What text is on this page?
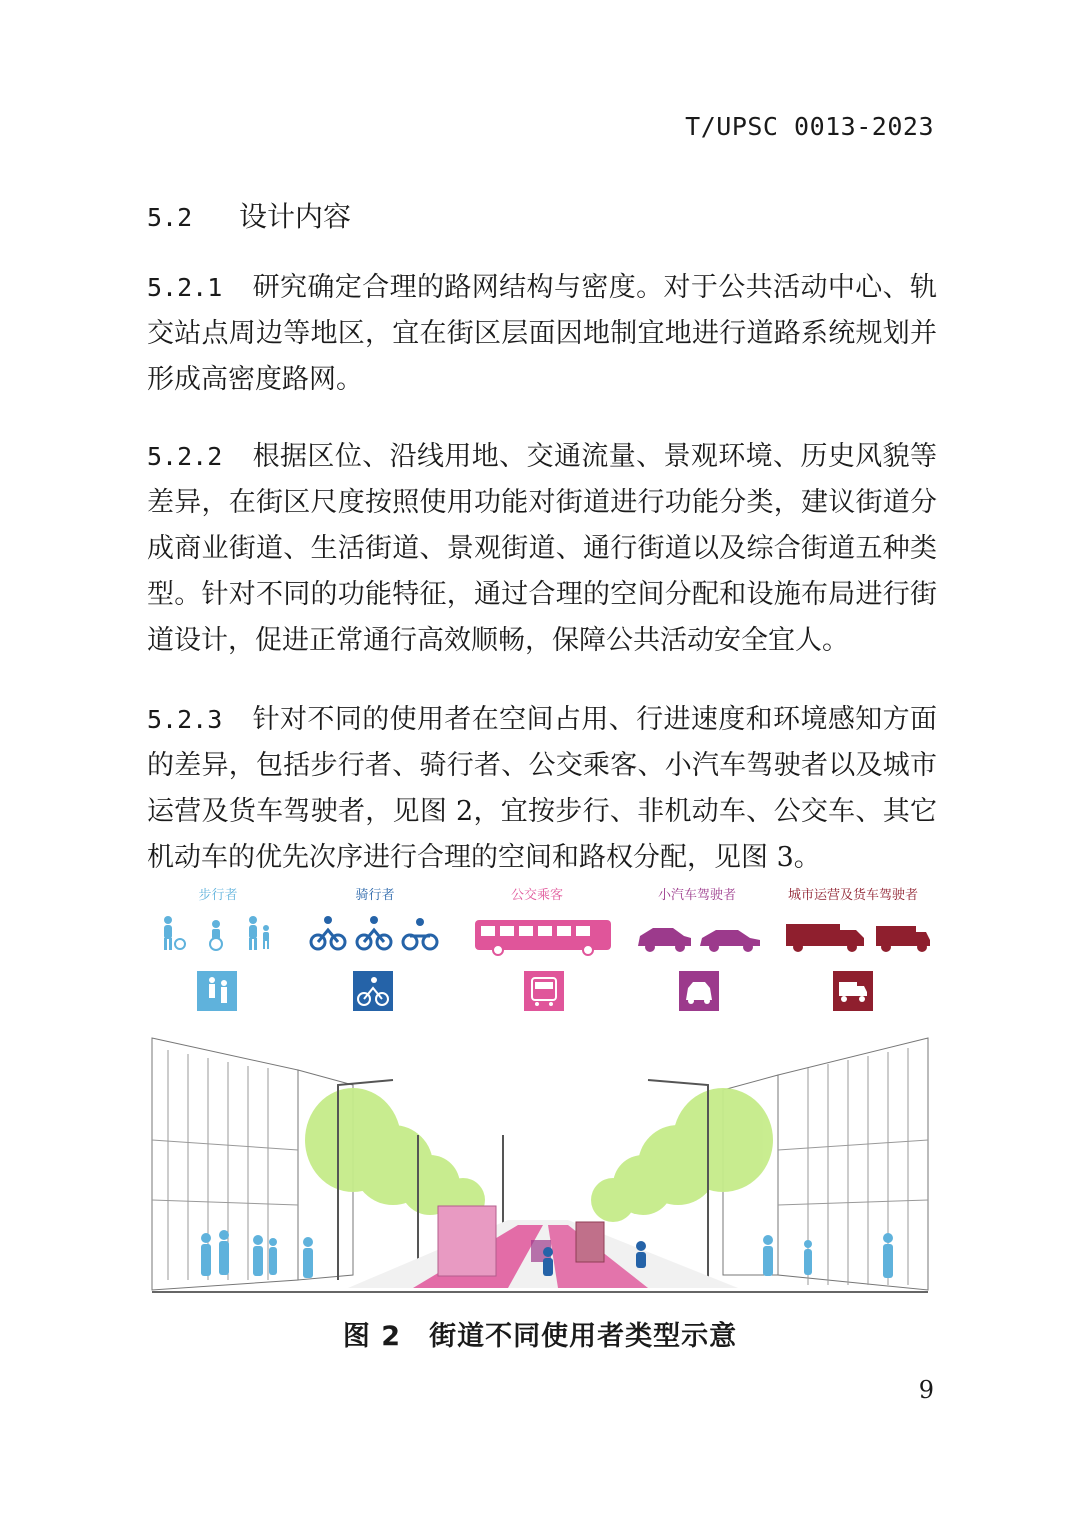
T/UPSC 0013-2023
5.2 设计内容
5.2.1 研究确定合理的路网结构与密度。对于公共活动中心、轨交站点周边等地区，宜在街区层面因地制宜地进行道路系统规划并形成高密度路网。
5.2.2 根据区位、沿线用地、交通流量、景观环境、历史风貌等差异，在街区尺度按照使用功能对街道进行功能分类，建议街道分成商业街道、生活街道、景观街道、通行街道以及综合街道五种类型。针对不同的功能特征，通过合理的空间分配和设施布局进行街道设计，促进正常通行高效顺畅，保障公共活动安全宜人。
5.2.3 针对不同的使用者在空间占用、行进速度和环境感知方面的差异，包括步行者、骑行者、公交乘客、小汽车驾驶者以及城市运营及货车驾驶者，见图 2，宜按步行、非机动车、公交车、其它机动车的优先次序进行合理的空间和路权分配，见图 3。
步行者	骑行者	公交乘客	小汽车驾驶者	城市运营及货车驾驶者
图 2　街道不同使用者类型示意
9
